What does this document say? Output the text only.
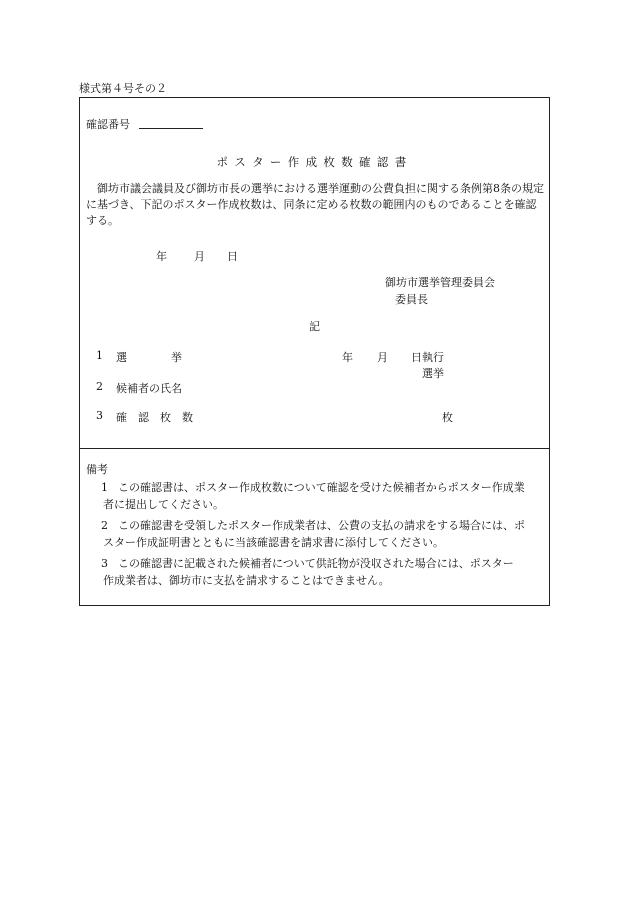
様式第４号その２
確認番号
ポスター作成枚数確認書
御坊市議会議員及び御坊市長の選挙における選挙運動の公費負担に関する条例第8条の規定に基づき、下記のポスター作成枚数は、同条に定める枚数の範囲内のものであることを確認する。
年 月 日
御坊市選挙管理委員会
委員長
記
1 選　　　　挙	年 月 日執行
選挙
2 候補者の氏名
3 確　認　枚　数	枚
備考
1 この確認書は、ポスター作成枚数について確認を受けた候補者からポスター作成業
者に提出してください。
2 この確認書を受領したポスター作成業者は、公費の支払の請求をする場合には、ポ
スター作成証明書とともに当該確認書を請求書に添付してください。
3 この確認書に記載された候補者について供託物が没収された場合には、ポスター
作成業者は、御坊市に支払を請求することはできません。
